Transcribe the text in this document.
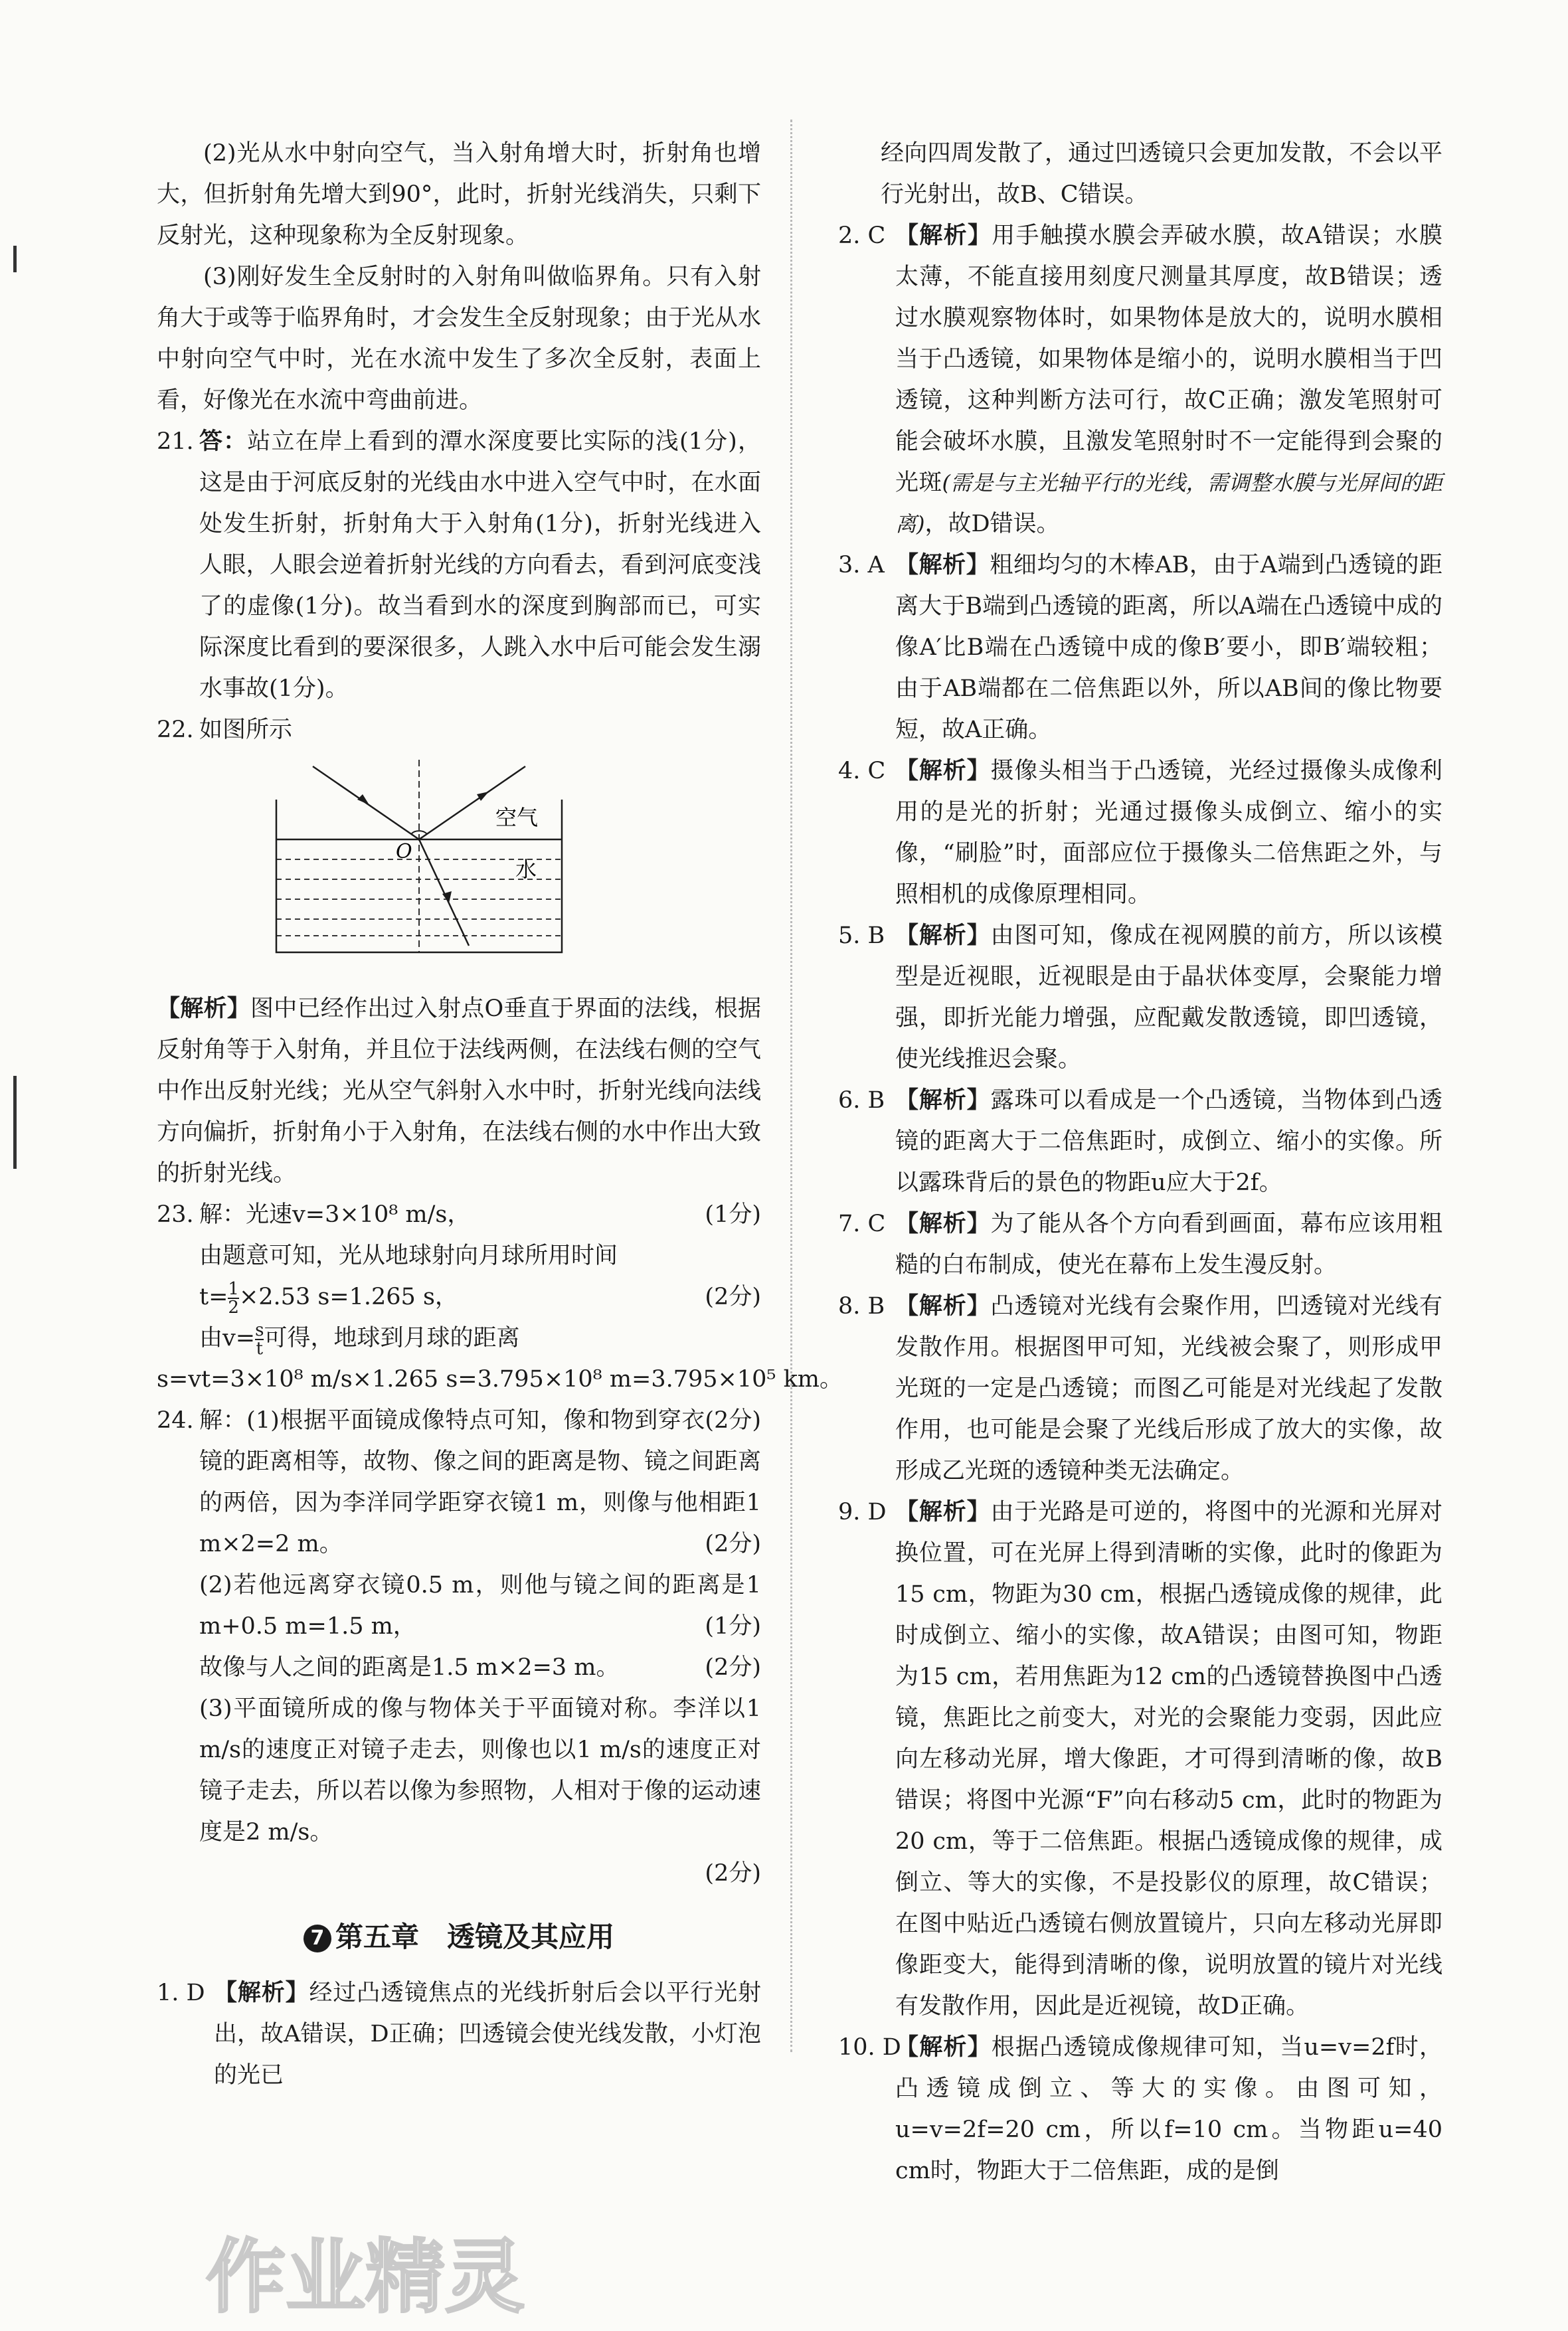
(2)光从水中射向空气，当入射角增大时，折射角也增大，但折射角先增大到90°，此时，折射光线消失，只剩下反射光，这种现象称为全反射现象。

(3)刚好发生全反射时的入射角叫做临界角。只有入射角大于或等于临界角时，才会发生全反射现象；由于光从水中射向空气中时，光在水流中发生了多次全反射，表面上看，好像光在水流中弯曲前进。

21. 答：站立在岸上看到的潭水深度要比实际的浅(1分)，这是由于河底反射的光线由水中进入空气中时，在水面处发生折射，折射角大于入射角(1分)，折射光线进入人眼，人眼会逆着折射光线的方向看去，看到河底变浅了的虚像(1分)。故当看到水的深度到胸部而已，可实际深度比看到的要深很多，人跳入水中后可能会发生溺水事故(1分)。

22. 如图所示

空气
水
O

【解析】图中已经作出过入射点O垂直于界面的法线，根据反射角等于入射角，并且位于法线两侧，在法线右侧的空气中作出反射光线；光从空气斜射入水中时，折射光线向法线方向偏折，折射角小于入射角，在法线右侧的水中作出大致的折射光线。

23. 解：光速v=3×10⁸ m/s，	(1分)

由题意可知，光从地球射向月球所用时间

$t= \frac{1}{2} \times 2.53$ s=1.265 s，	(2分)

由$v= \frac{s}{t}$ 可得，地球到月球的距离

s=vt=3×10⁸ m/s×1.265 s=3.795×10⁸ m=3.795×10⁵ km。
(2分)

24. 解：(1)根据平面镜成像特点可知，像和物到穿衣镜的距离相等，故物、像之间的距离是物、镜之间距离的两倍，因为李洋同学距穿衣镜1 m，则像与他相距1 m×2=2 m。	(2分)

(2)若他远离穿衣镜0.5 m，则他与镜之间的距离是1 m+0.5 m=1.5 m，	(1分)

故像与人之间的距离是1.5 m×2=3 m。	(2分)

(3)平面镜所成的像与物体关于平面镜对称。李洋以1 m/s的速度正对镜子走去，则像也以1 m/s的速度正对镜子走去，所以若以像为参照物，人相对于像的运动速度是2 m/s。

(2分)

7 第五章　透镜及其应用
1. D 【解析】经过凸透镜焦点的光线折射后会以平行光射出，故A错误，D正确；凹透镜会使光线发散，小灯泡的光已

作业精灵

经向四周发散了，通过凹透镜只会更加发散，不会以平行光射出，故B、C错误。

2. C 【解析】用手触摸水膜会弄破水膜，故A错误；水膜太薄，不能直接用刻度尺测量其厚度，故B错误；透过水膜观察物体时，如果物体是放大的，说明水膜相当于凸透镜，如果物体是缩小的，说明水膜相当于凹透镜，这种判断方法可行，故C正确；激发笔照射可能会破坏水膜，且激发笔照射时不一定能得到会聚的光斑(需是与主光轴平行的光线，需调整水膜与光屏间的距离)，故D错误。

3. A 【解析】粗细均匀的木棒AB，由于A端到凸透镜的距离大于B端到凸透镜的距离，所以A端在凸透镜中成的像A′比B端在凸透镜中成的像B′要小，即B′端较粗；由于AB端都在二倍焦距以外，所以AB间的像比物要短，故A正确。

4. C 【解析】摄像头相当于凸透镜，光经过摄像头成像利用的是光的折射；光通过摄像头成倒立、缩小的实像，“刷脸”时，面部应位于摄像头二倍焦距之外，与照相机的成像原理相同。

5. B 【解析】由图可知，像成在视网膜的前方，所以该模型是近视眼，近视眼是由于晶状体变厚，会聚能力增强，即折光能力增强，应配戴发散透镜，即凹透镜，使光线推迟会聚。

6. B 【解析】露珠可以看成是一个凸透镜，当物体到凸透镜的距离大于二倍焦距时，成倒立、缩小的实像。所以露珠背后的景色的物距u应大于2f。

7. C 【解析】为了能从各个方向看到画面，幕布应该用粗糙的白布制成，使光在幕布上发生漫反射。

8. B 【解析】凸透镜对光线有会聚作用，凹透镜对光线有发散作用。根据图甲可知，光线被会聚了，则形成甲光斑的一定是凸透镜；而图乙可能是对光线起了发散作用，也可能是会聚了光线后形成了放大的实像，故形成乙光斑的透镜种类无法确定。

9. D 【解析】由于光路是可逆的，将图中的光源和光屏对换位置，可在光屏上得到清晰的实像，此时的像距为15 cm，物距为30 cm，根据凸透镜成像的规律，此时成倒立、缩小的实像，故A错误；由图可知，物距为15 cm，若用焦距为12 cm的凸透镜替换图中凸透镜，焦距比之前变大，对光的会聚能力变弱，因此应向左移动光屏，增大像距，才可得到清晰的像，故B错误；将图中光源“F”向右移动5 cm，此时的物距为20 cm，等于二倍焦距。根据凸透镜成像的规律，成倒立、等大的实像，不是投影仪的原理，故C错误；在图中贴近凸透镜右侧放置镜片，只向左移动光屏即像距变大，能得到清晰的像，说明放置的镜片对光线有发散作用，因此是近视镜，故D正确。

10. D

【解析】根据凸透镜成像规律可知，当u=v=2f时，凸透镜成倒立、等大的实像。由图可知，u=v=2f=20 cm，所以f=10 cm。当物距u=40 cm时，物距大于二倍焦距，成的是倒
